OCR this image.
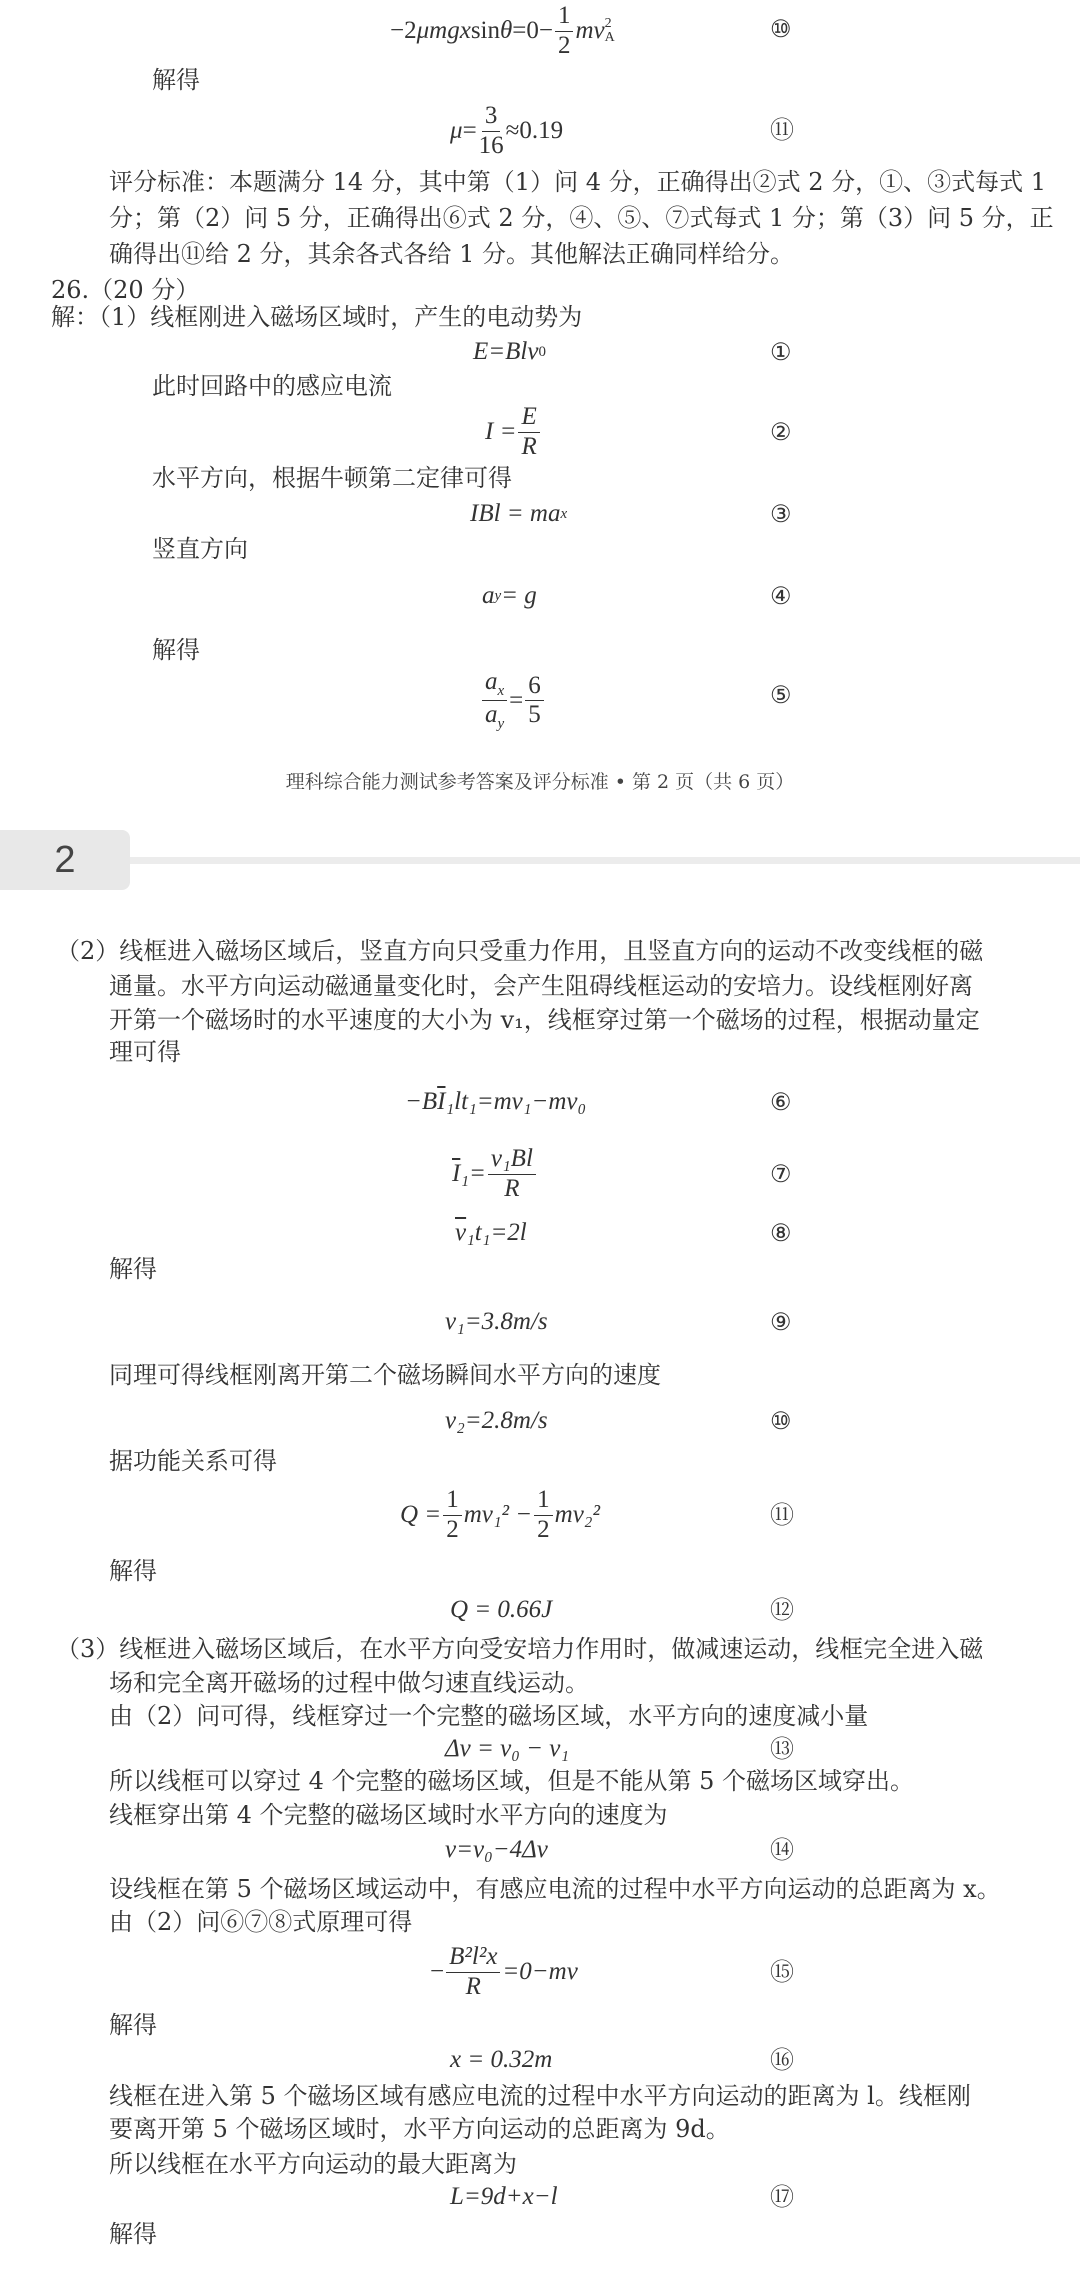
−2 μmgx $\sin \theta =0- \frac{1}{2}$ mv 2
A	⑩
解得
$\mu = \frac{3}{16} \approx 0.19$	⑪
评分标准：本题满分 14 分，其中第（1）问 4 分，正确得出②式 2 分，①、③式每式 1
分；第（2）问 5 分，正确得出⑥式 2 分，④、⑤、⑦式每式 1 分；第（3）问 5 分，正
确得出⑪给 2 分，其余各式各给 1 分。其他解法正确同样给分。
26.（20 分）
解：（1）线框刚进入磁场区域时，产生的电动势为
E=Blv 0	①
此时回路中的感应电流
$I = \frac{E}{R}$	②
水平方向，根据牛顿第二定律可得
IBl = ma x	③
竖直方向
a y = g	④
解得
$\frac{a_x}{a_y} = \frac{6}{5}$	⑤
理科综合能力测试参考答案及评分标准 • 第 2 页（共 6 页）
2
（2）线框进入磁场区域后，竖直方向只受重力作用，且竖直方向的运动不改变线框的磁
通量。水平方向运动磁通量变化时，会产生阻碍线框运动的安培力。设线框刚好离
开第一个磁场时的水平速度的大小为 v₁，线框穿过第一个磁场的过程，根据动量定
理可得
−B $\overline{I}$ ₁lt₁=mv₁−mv₀	⑥
$\overline{I}$ $_1= \frac{\text{v₁Bl}}{R}$	⑦
$\overline{v}$ ₁t₁=2l	⑧
解得
v₁=3.8m/s	⑨
同理可得线框刚离开第二个磁场瞬间水平方向的速度
v₂=2.8m/s	⑩
据功能关系可得
$Q = \frac{1}{2} mv_1^2 - \frac{1}{2} mv_2^2$	⑪
解得
Q = 0.66J	⑫
（3）线框进入磁场区域后，在水平方向受安培力作用时，做减速运动，线框完全进入磁
场和完全离开磁场的过程中做匀速直线运动。
由（2）问可得，线框穿过一个完整的磁场区域，水平方向的速度减小量
Δv = v₀ − v₁	⑬
所以线框可以穿过 4 个完整的磁场区域，但是不能从第 5 个磁场区域穿出。
线框穿出第 4 个完整的磁场区域时水平方向的速度为
v=v₀−4Δv	⑭
设线框在第 5 个磁场区域运动中，有感应电流的过程中水平方向运动的总距离为 x。
由（2）问⑥⑦⑧式原理可得
− $\frac{\text{B²l²x}}{R} =0-mv$	⑮
解得
x = 0.32m	⑯
线框在进入第 5 个磁场区域有感应电流的过程中水平方向运动的距离为 l。线框刚
要离开第 5 个磁场区域时，水平方向运动的总距离为 9d。
所以线框在水平方向运动的最大距离为
L=9d+x−l	⑰
解得
